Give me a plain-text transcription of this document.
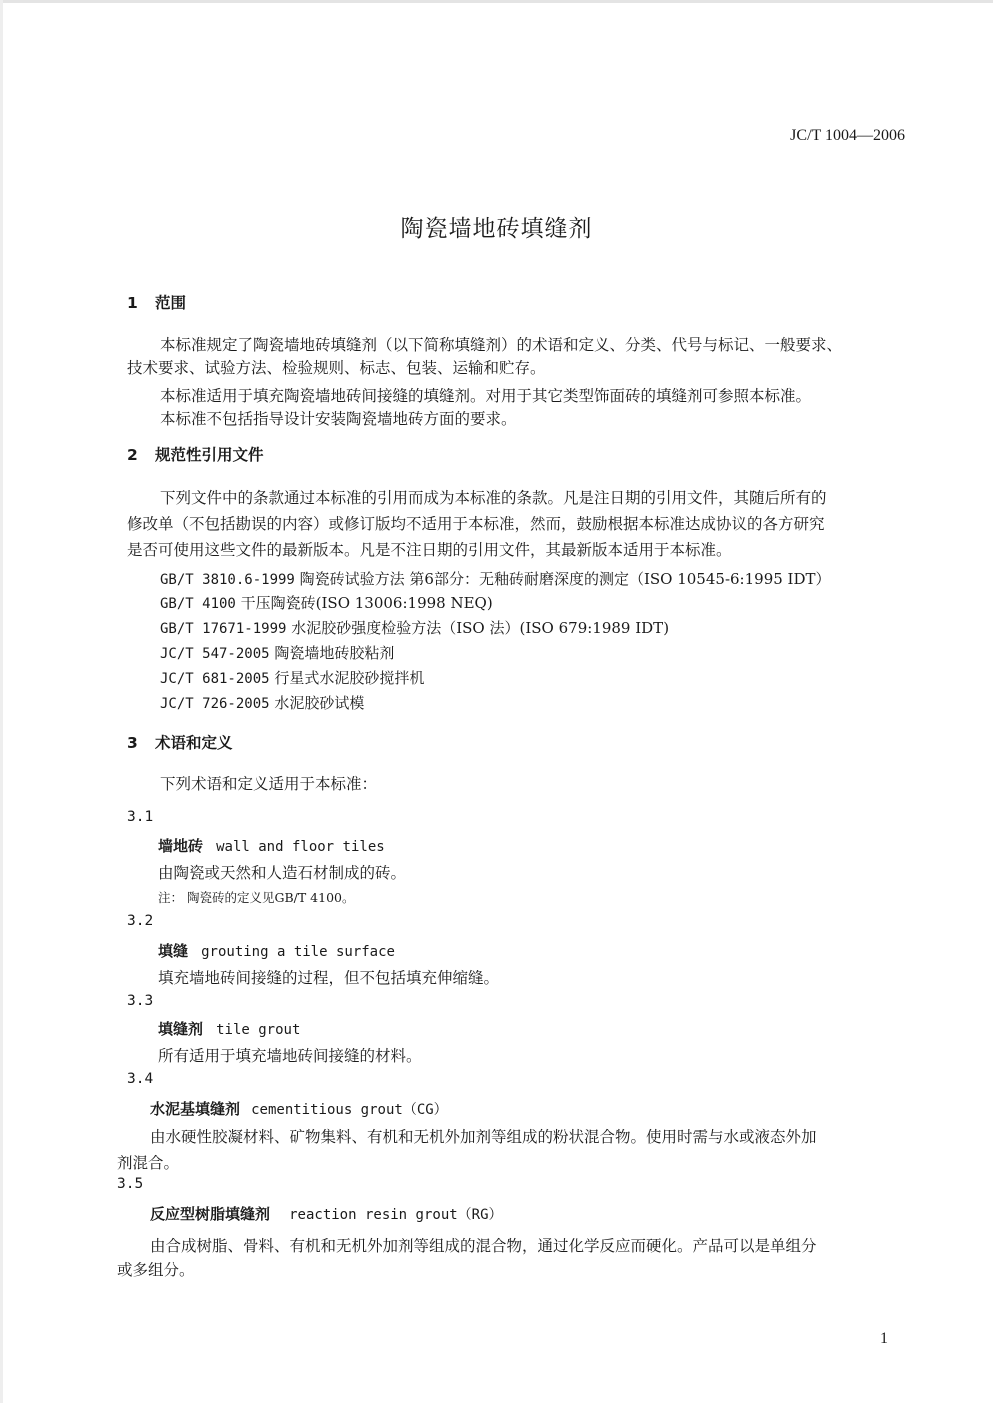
JC/T 1004—2006
陶瓷墙地砖填缝剂
1 范围
本标准规定了陶瓷墙地砖填缝剂（以下简称填缝剂）的术语和定义、分类、代号与标记、一般要求、
技术要求、试验方法、检验规则、标志、包装、运输和贮存。
本标准适用于填充陶瓷墙地砖间接缝的填缝剂。对用于其它类型饰面砖的填缝剂可参照本标准。
本标准不包括指导设计安装陶瓷墙地砖方面的要求。
2 规范性引用文件
下列文件中的条款通过本标准的引用而成为本标准的条款。凡是注日期的引用文件，其随后所有的
修改单（不包括勘误的内容）或修订版均不适用于本标准，然而，鼓励根据本标准达成协议的各方研究
是否可使用这些文件的最新版本。凡是不注日期的引用文件，其最新版本适用于本标准。
GB/T 3810.6-1999 陶瓷砖试验方法 第6部分：无釉砖耐磨深度的测定（ISO 10545-6:1995 IDT）
GB/T 4100 干压陶瓷砖(ISO 13006:1998 NEQ)
GB/T 17671-1999 水泥胶砂强度检验方法（ISO 法）(ISO 679:1989 IDT)
JC/T 547-2005 陶瓷墙地砖胶粘剂
JC/T 681-2005 行星式水泥胶砂搅拌机
JC/T 726-2005 水泥胶砂试模
3 术语和定义
下列术语和定义适用于本标准：
3.1
墙地砖 wall and floor tiles
由陶瓷或天然和人造石材制成的砖。
注： 陶瓷砖的定义见GB/T 4100。
3.2
填缝 grouting a tile surface
填充墙地砖间接缝的过程，但不包括填充伸缩缝。
3.3
填缝剂 tile grout
所有适用于填充墙地砖间接缝的材料。
3.4
水泥基填缝剂 cementitious grout（CG）
由水硬性胶凝材料、矿物集料、有机和无机外加剂等组成的粉状混合物。使用时需与水或液态外加
剂混合。
3.5
反应型树脂填缝剂 reaction resin grout（RG）
由合成树脂、骨料、有机和无机外加剂等组成的混合物，通过化学反应而硬化。产品可以是单组分
或多组分。
1
